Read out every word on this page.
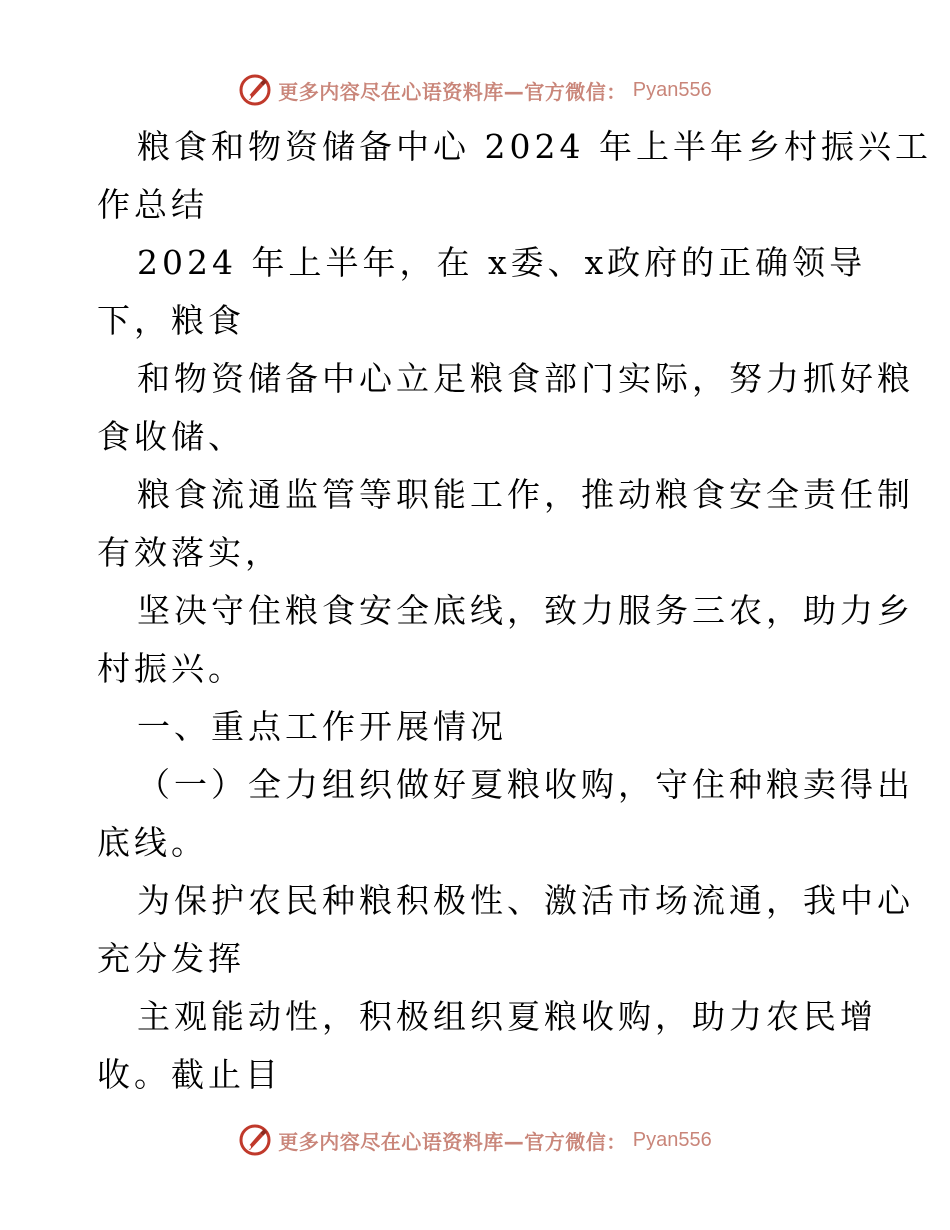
更多内容尽在心语资料库—官方微信： Pyan556
粮食和物资储备中心 2024 年上半年乡村振兴工
作总结
2024 年上半年，在 x委、x政府的正确领导
下，粮食
和物资储备中心立足粮食部门实际，努力抓好粮
食收储、
粮食流通监管等职能工作，推动粮食安全责任制
有效落实，
坚决守住粮食安全底线，致力服务三农，助力乡
村振兴。
一、重点工作开展情况
（一）全力组织做好夏粮收购，守住种粮卖得出
底线。
为保护农民种粮积极性、激活市场流通，我中心
充分发挥
主观能动性，积极组织夏粮收购，助力农民增
收。截止目
更多内容尽在心语资料库—官方微信： Pyan556
